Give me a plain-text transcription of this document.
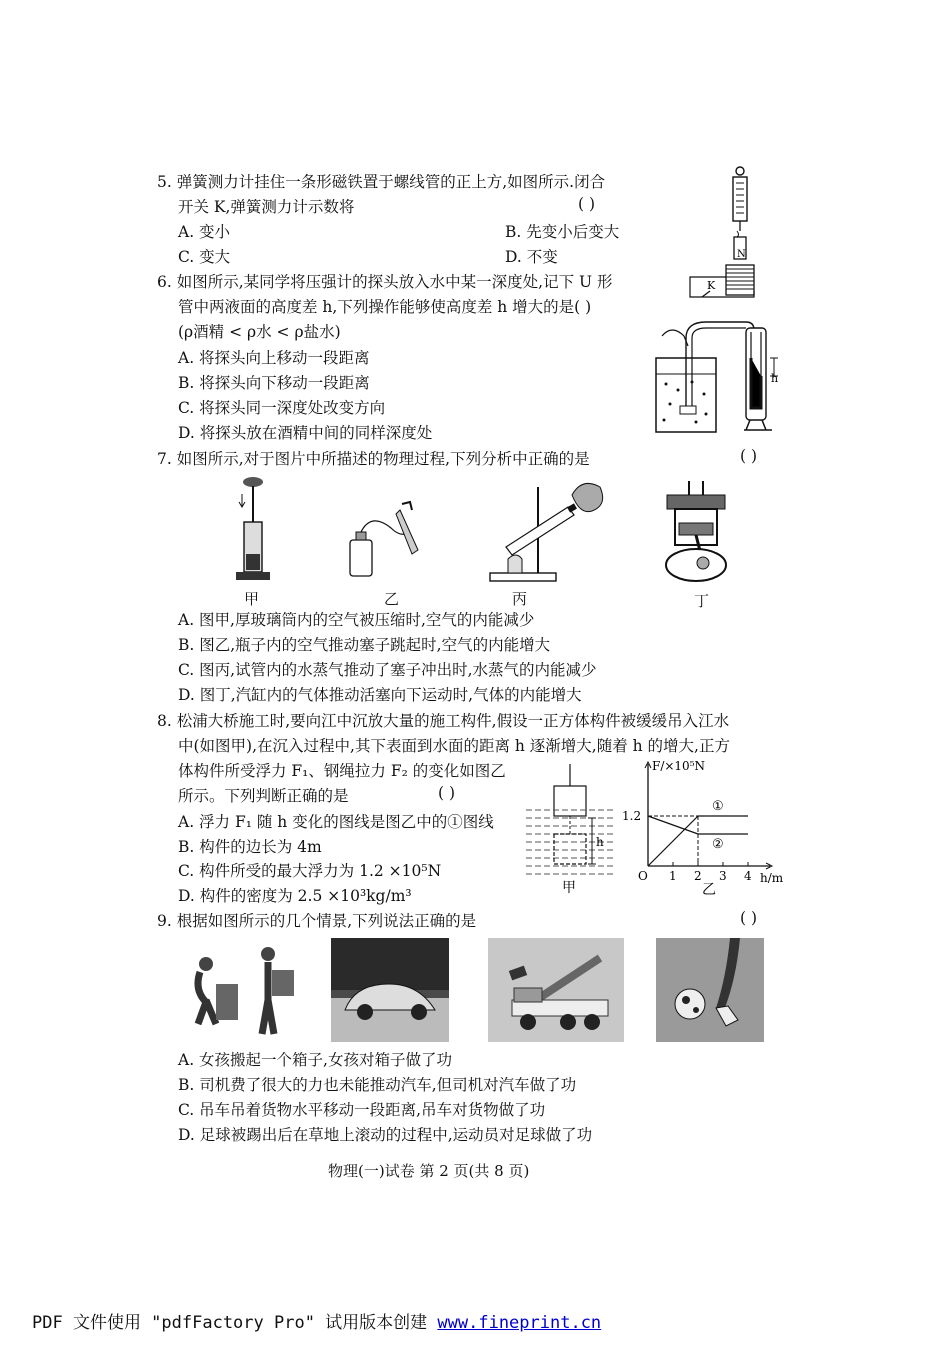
5. 弹簧测力计挂住一条形磁铁置于螺线管的正上方,如图所示.闭合
开关 K,弹簧测力计示数将	( )
A. 变小	B. 先变小后变大
C. 变大	D. 不变	N
K
6. 如图所示,某同学将压强计的探头放入水中某一深度处,记下 U 形
管中两液面的高度差 h,下列操作能够使高度差 h 增大的是( )
(ρ酒精 < ρ水 < ρ盐水)
A. 将探头向上移动一段距离
B. 将探头向下移动一段距离
C. 将探头同一深度处改变方向
D. 将探头放在酒精中间的同样深度处
h
7. 如图所示,对于图片中所描述的物理过程,下列分析中正确的是	( )
甲	乙	丙	丁
A. 图甲,厚玻璃筒内的空气被压缩时,空气的内能减少
B. 图乙,瓶子内的空气推动塞子跳起时,空气的内能增大
C. 图丙,试管内的水蒸气推动了塞子冲出时,水蒸气的内能减少
D. 图丁,汽缸内的气体推动活塞向下运动时,气体的内能增大
8. 松浦大桥施工时,要向江中沉放大量的施工构件,假设一正方体构件被缓缓吊入江水
中(如图甲),在沉入过程中,其下表面到水面的距离 h 逐渐增大,随着 h 的增大,正方
体构件所受浮力 F₁、钢绳拉力 F₂ 的变化如图乙
所示。下列判断正确的是	( )
A. 浮力 F₁ 随 h 变化的图线是图乙中的①图线
B. 构件的边长为 4m
C. 构件所受的最大浮力为 1.2 ×10⁵N
D. 构件的密度为 2.5 ×10³kg/m³
h
甲
F/×10⁵N
h/m
1.2
O 1 2 3 4
①
②
乙
9. 根据如图所示的几个情景,下列说法正确的是	( )
A. 女孩搬起一个箱子,女孩对箱子做了功
B. 司机费了很大的力也未能推动汽车,但司机对汽车做了功
C. 吊车吊着货物水平移动一段距离,吊车对货物做了功
D. 足球被踢出后在草地上滚动的过程中,运动员对足球做了功
物理(一)试卷 第 2 页(共 8 页)
PDF 文件使用 "pdfFactory Pro" 试用版本创建 www.fineprint.cn
